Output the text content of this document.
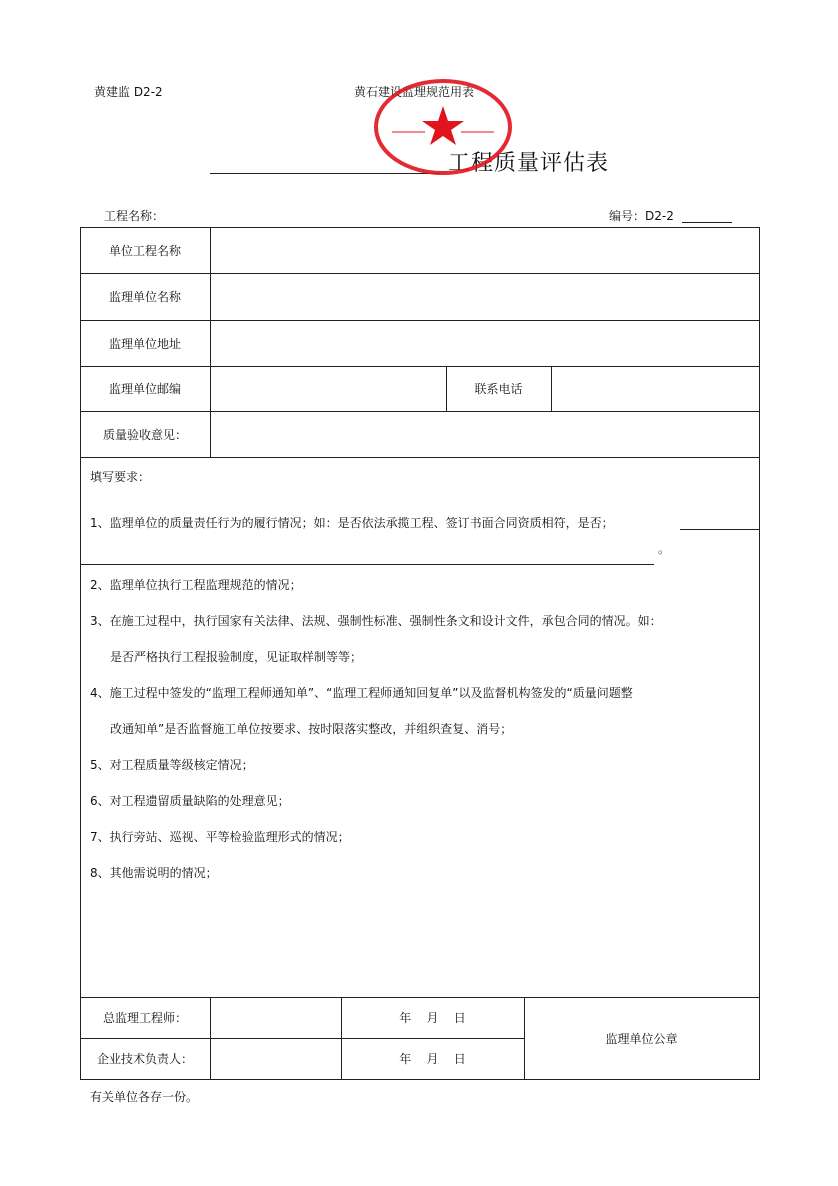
黄建监 D2-2	黄石建设监理规范用表
工程质量评估表
工程名称：	编号：D2-2
单位工程名称
监理单位名称
监理单位地址
监理单位邮编	联系电话
质量验收意见：
填写要求：
1、监理单位的质量责任行为的履行情况；如：是否依法承揽工程、签订书面合同资质相符，是否；
。
2、监理单位执行工程监理规范的情况；
3、在施工过程中，执行国家有关法律、法规、强制性标准、强制性条文和设计文件，承包合同的情况。如：
是否严格执行工程报验制度，见证取样制等等；
4、施工过程中签发的“监理工程师通知单”、“监理工程师通知回复单”以及监督机构签发的“质量问题整
改通知单”是否监督施工单位按要求、按时限落实整改，并组织查复、消号；
5、对工程质量等级核定情况；
6、对工程遗留质量缺陷的处理意见；
7、执行旁站、巡视、平等检验监理形式的情况；
8、其他需说明的情况；
总监理工程师：	年    月    日
企业技术负责人：	年    月    日
监理单位公章
有关单位各存一份。
